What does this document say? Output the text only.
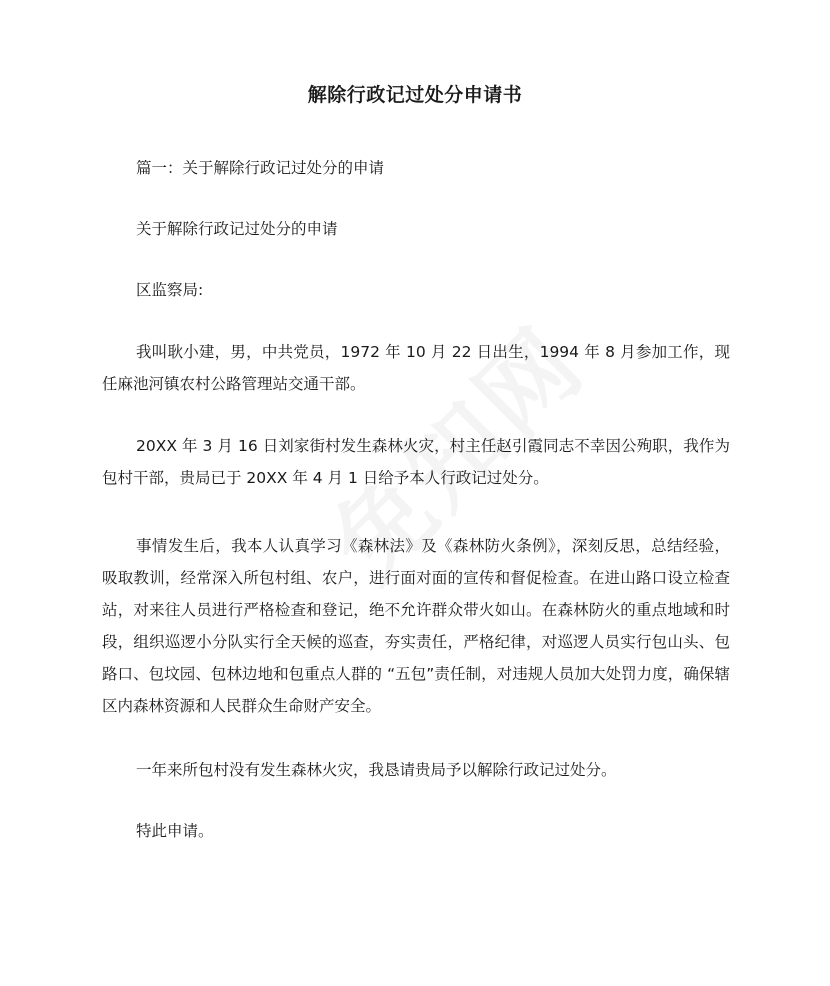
解除行政记过处分申请书

篇一：关于解除行政记过处分的申请

关于解除行政记过处分的申请

区监察局:

我叫耿小建，男，中共党员，1972 年 10 月 22 日出生，1994 年 8 月参加工作，现任麻池河镇农村公路管理站交通干部。

20XX 年 3 月 16 日刘家街村发生森林火灾，村主任赵引霞同志不幸因公殉职，我作为包村干部，贵局已于 20XX 年 4 月 1 日给予本人行政记过处分。

事情发生后，我本人认真学习《森林法》及《森林防火条例》，深刻反思，总结经验，吸取教训，经常深入所包村组、农户，进行面对面的宣传和督促检查。在进山路口设立检查站，对来往人员进行严格检查和登记，绝不允许群众带火如山。在森林防火的重点地域和时段，组织巡逻小分队实行全天候的巡查，夯实责任，严格纪律，对巡逻人员实行包山头、包路口、包坟园、包林边地和包重点人群的 “五包”责任制，对违规人员加大处罚力度，确保辖区内森林资源和人民群众生命财产安全。

一年来所包村没有发生森林火灾，我恳请贵局予以解除行政记过处分。

特此申请。
